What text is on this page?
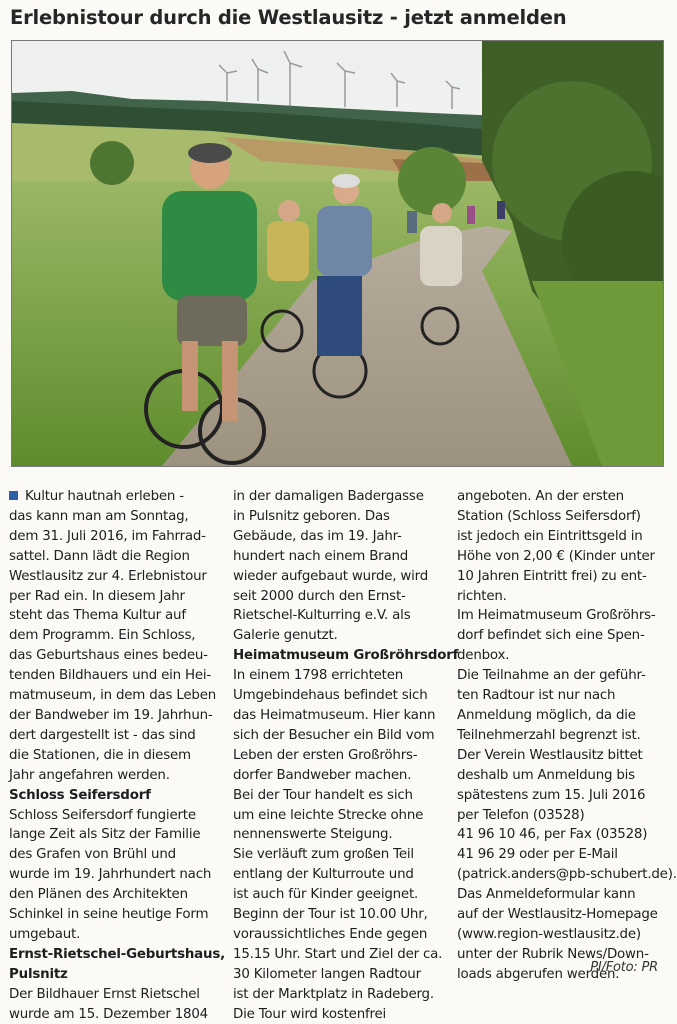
Erlebnistour durch die Westlausitz - jetzt anmelden

Kultur hautnah erleben -

das kann man am Sonntag,

dem 31. Juli 2016, im Fahrrad-

sattel. Dann lädt die Region

Westlausitz zur 4. Erlebnistour

per Rad ein. In diesem Jahr

steht das Thema Kultur auf

dem Programm. Ein Schloss,

das Geburtshaus eines bedeu-

tenden Bildhauers und ein Hei-

matmuseum, in dem das Leben

der Bandweber im 19. Jahrhun-

dert dargestellt ist - das sind

die Stationen, die in diesem

Jahr angefahren werden.

Schloss Seifersdorf

Schloss Seifersdorf fungierte

lange Zeit als Sitz der Familie

des Grafen von Brühl und

wurde im 19. Jahrhundert nach

den Plänen des Architekten

Schinkel in seine heutige Form

umgebaut.

Ernst-Rietschel-Geburtshaus,

Pulsnitz

Der Bildhauer Ernst Rietschel

wurde am 15. Dezember 1804

in der damaligen Badergasse

in Pulsnitz geboren. Das

Gebäude, das im 19. Jahr-

hundert nach einem Brand

wieder aufgebaut wurde, wird

seit 2000 durch den Ernst-

Rietschel-Kulturring e.V. als

Galerie genutzt.

Heimatmuseum Großröhrsdorf

In einem 1798 errichteten

Umgebindehaus befindet sich

das Heimatmuseum. Hier kann

sich der Besucher ein Bild vom

Leben der ersten Großröhrs-

dorfer Bandweber machen.

Bei der Tour handelt es sich

um eine leichte Strecke ohne

nennenswerte Steigung.

Sie verläuft zum großen Teil

entlang der Kulturroute und

ist auch für Kinder geeignet.

Beginn der Tour ist 10.00 Uhr,

voraussichtliches Ende gegen

15.15 Uhr. Start und Ziel der ca.

30 Kilometer langen Radtour

ist der Marktplatz in Radeberg.

Die Tour wird kostenfrei

angeboten. An der ersten

Station (Schloss Seifersdorf)

ist jedoch ein Eintrittsgeld in

Höhe von 2,00 € (Kinder unter

10 Jahren Eintritt frei) zu ent-

richten.

Im Heimatmuseum Großröhrs-

dorf befindet sich eine Spen-

denbox.

Die Teilnahme an der geführ-

ten Radtour ist nur nach

Anmeldung möglich, da die

Teilnehmerzahl begrenzt ist.

Der Verein Westlausitz bittet

deshalb um Anmeldung bis

spätestens zum 15. Juli 2016

per Telefon (03528)

41 96 10 46, per Fax (03528)

41 96 29 oder per E-Mail

(patrick.anders@pb-schubert.de).

Das Anmeldeformular kann

auf der Westlausitz-Homepage

(www.region-westlausitz.de)

unter der Rubrik News/Down-

loads abgerufen werden.

PI/Foto: PR
